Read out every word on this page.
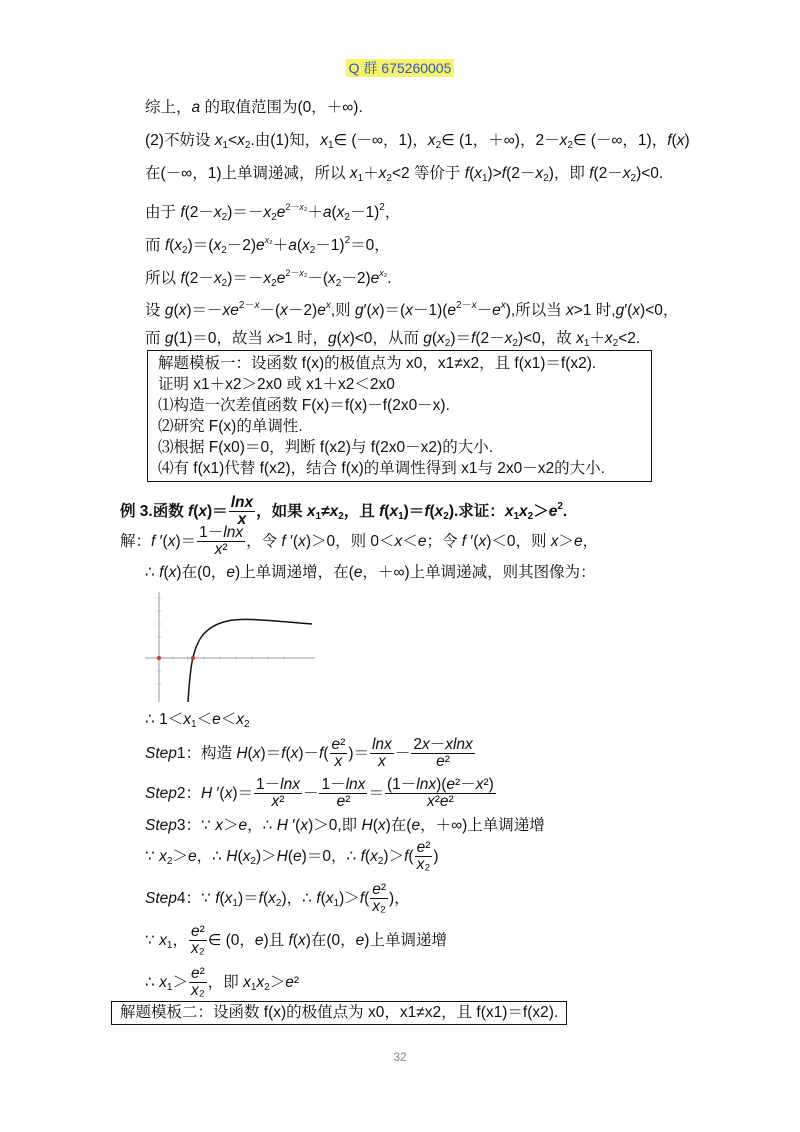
Q 群 675260005
综上，a 的取值范围为(0，＋∞).
(2)不妨设 $x_1<x_2$.由(1)知，$x_1\in$ (－∞，1)，$x_2\in$ (1，＋∞)，$2-x_2\in$ (－∞，1)，f(x)
在(－∞，1)上单调递减，所以 $x_1+x_2<2$ 等价于 $f(x_1)>f(2-x_2)$，即 $f(2-x_2)<0$.
由于 $f(2-x_2)=-x_2e^{2-x_2}+a(x_2-1)^2$，
而 $f(x_2)=(x_2-2)e^{x_2}+a(x_2-1)^2=0$，
所以 $f(2-x_2)=-x_2e^{2-x_2}-(x_2-2)e^{x_2}$.
设 $g(x)=-xe^{2-x}-(x-2)e^x$,则 $g'(x)=(x-1)(e^{2-x}-e^x)$,所以当 x>1 时,g′(x)<0，
而 g(1)＝0，故当 x>1 时，g(x)<0，从而 $g(x_2)=f(2-x_2)<0$，故 $x_1+x_2<2$.
解题模板一：设函数 f(x)的极值点为 x0，x1≠x2，且 f(x1)＝f(x2).
证明 x1＋x2＞2x0 或 x1＋x2＜2x0
⑴构造一次差值函数 F(x)＝f(x)－f(2x0－x).
⑵研究 F(x)的单调性.
⑶根据 F(x0)＝0，判断 f(x2)与 f(2x0－x2)的大小.
⑷有 f(x1)代替 f(x2)，结合 f(x)的单调性得到 x1与 2x0－x2的大小.
例 3.函数 $f(x)= \frac{\ln x}{x}$ ，如果 $x_1\ne x_2$，且 $f(x_1)=f(x_2)$.求证：$x_1x_2>e^2$.
解：f $'(x)= \frac{1-\ln x}{\text{x²}}$ ，令 f ′(x)＞0，则 0＜x＜e；令 f ′(x)＜0，则 x＞e，
∴ f(x)在(0，e)上单调递增，在(e，＋∞)上单调递减，则其图像为：
∴ $1<x_1<e<x_2$
Step1：构造 $H(x)=f(x)-f( \frac{\text{e²}}{x}$ )＝ $\frac{\ln x}{x} - \frac{2x-xlnx}{\text{e²}}$
Step2：H $'(x)= \frac{1-\ln x}{\text{x²}} - \frac{1-\ln x}{\text{e²}} = \frac{\text{(1－lnx)(e²－x²)}}{\text{x²e²}}$
Step3：∵ x＞e，∴ H ′(x)＞0,即 H(x)在(e，＋∞)上单调递增
∵ $x_2>e$，∴ $H(x_2)>H(e)=0$，∴ $f(x_2)>f( \frac{\text{e²}}{\text{x₂}}$ )
Step4：∵ $f(x_1)=f(x_2)$，∴ $f(x_1)>f( \frac{\text{e²}}{\text{x₂}}$ )，
∵ $x_1$， $\frac{\text{e²}}{\text{x₂}}$ ∈ (0，e)且 f(x)在(0，e)上单调递增
∴ $x_1> \frac{\text{e²}}{\text{x₂}}$ ，即 $x_1x_2>e^2$
解题模板二：设函数 f(x)的极值点为 x0，x1≠x2，且 f(x1)＝f(x2).
32
